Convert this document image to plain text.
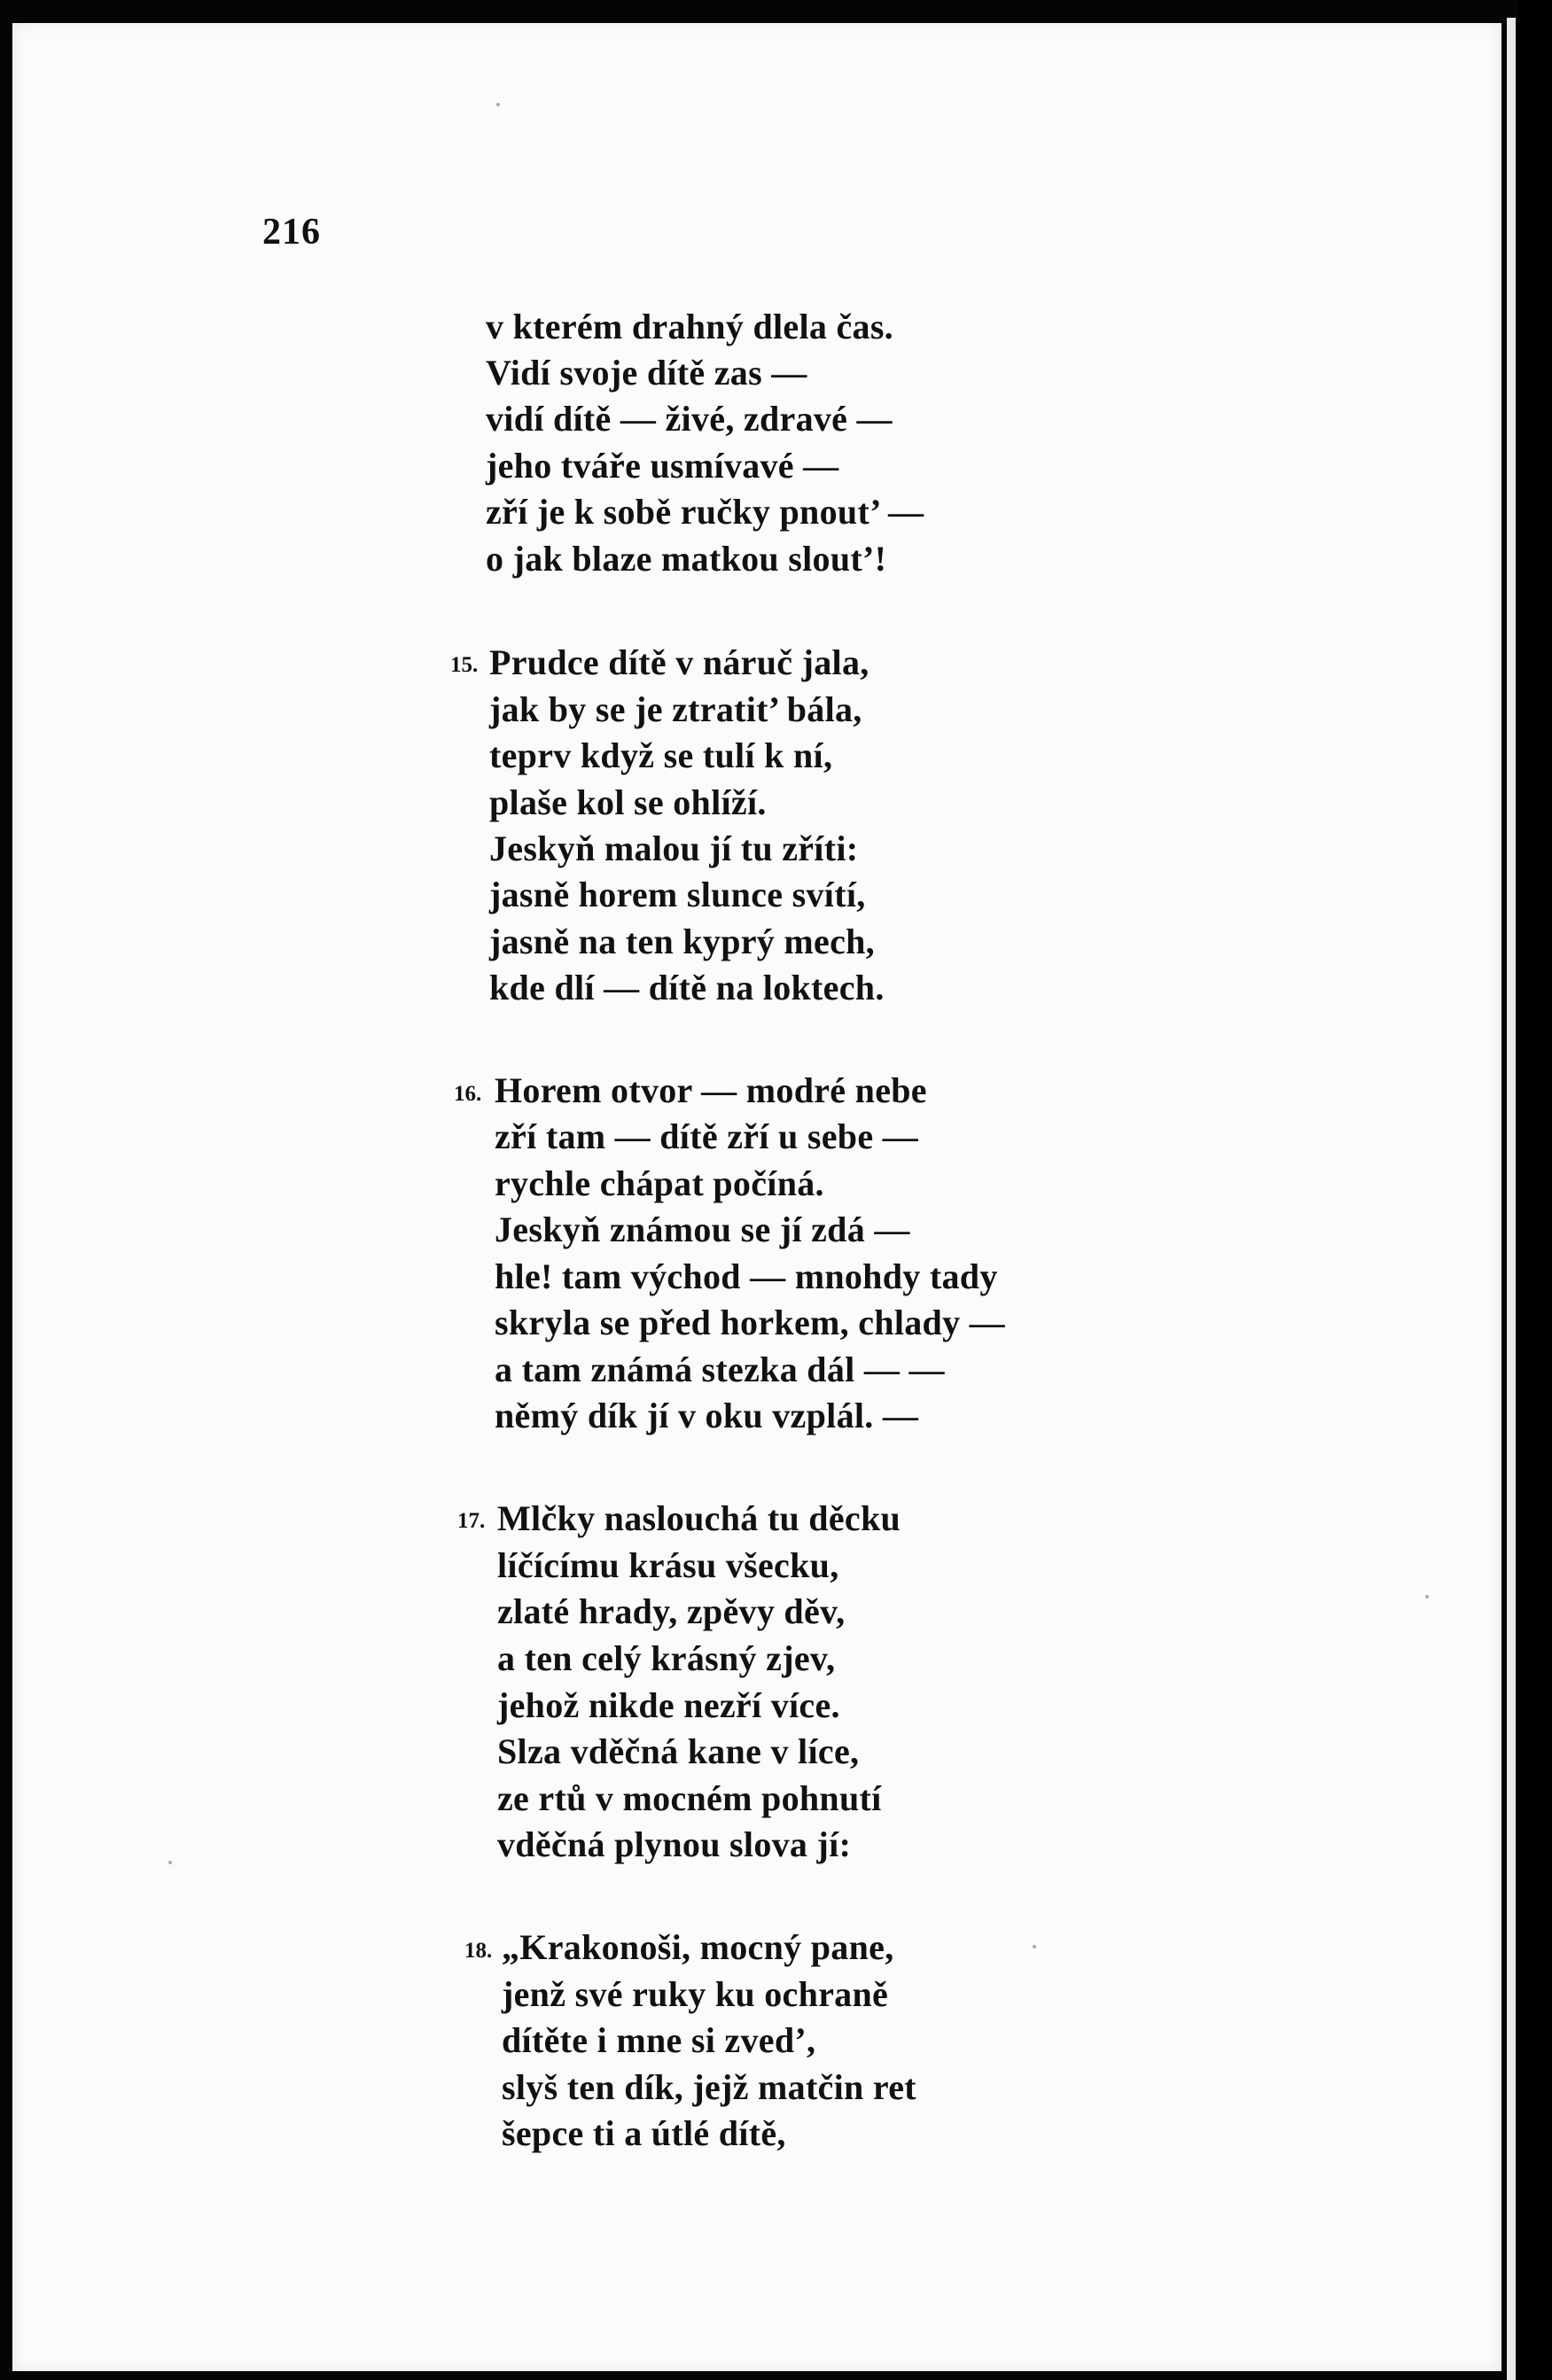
216
v kterém drahný dlela čas.
Vidí svoje dítě zas —
vidí dítě — živé, zdravé —
jeho tváře usmívavé —
zří je k sobě ručky pnout’ —
o jak blaze matkou slout’!
15. Prudce dítě v náruč jala,
jak by se je ztratit’ bála,
teprv když se tulí k ní,
plaše kol se ohlíží.
Jeskyň malou jí tu zříti:
jasně horem slunce svítí,
jasně na ten kyprý mech,
kde dlí — dítě na loktech.
16. Horem otvor — modré nebe
zří tam — dítě zří u sebe —
rychle chápat počíná.
Jeskyň známou se jí zdá —
hle! tam východ — mnohdy tady
skryla se před horkem, chlady —
a tam známá stezka dál — —
němý dík jí v oku vzplál. —
17. Mlčky naslouchá tu děcku
líčícímu krásu všecku,
zlaté hrady, zpěvy děv,
a ten celý krásný zjev,
jehož nikde nezří více.
Slza vděčná kane v líce,
ze rtů v mocném pohnutí
vděčná plynou slova jí:
18. „Krakonoši, mocný pane,
jenž své ruky ku ochraně
dítěte i mne si zved’,
slyš ten dík, jejž matčin ret
šepce ti a útlé dítě,
